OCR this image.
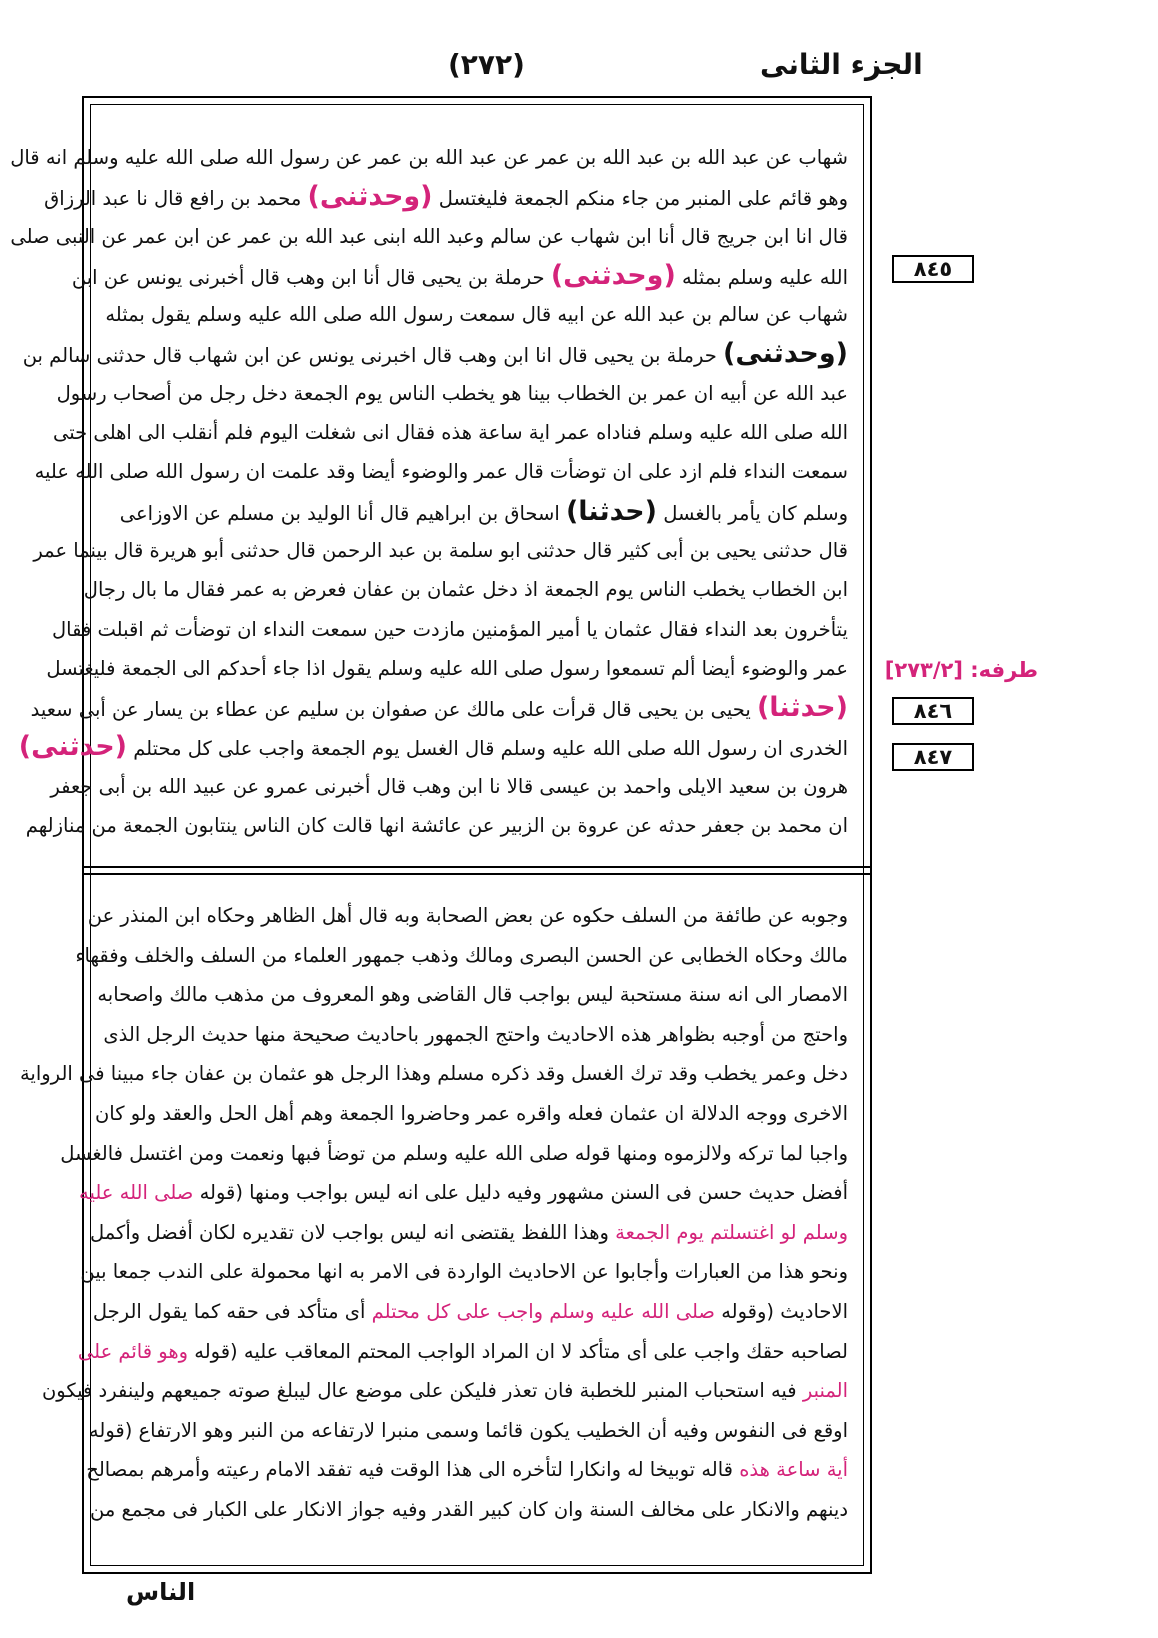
الجزء الثانى
(٢٧٢)
شهاب عن عبد الله بن عبد الله بن عمر عن عبد الله بن عمر عن رسول الله صلى الله عليه وسلم انه قال
وهو قائم على المنبر من جاء منكم الجمعة فليغتسل (وحدثنى) محمد بن رافع قال نا عبد الرزاق
قال انا ابن جريج قال أنا ابن شهاب عن سالم وعبد الله ابنى عبد الله بن عمر عن ابن عمر عن النبى صلى
الله عليه وسلم بمثله (وحدثنى) حرملة بن يحيى قال أنا ابن وهب قال أخبرنى يونس عن ابن
شهاب عن سالم بن عبد الله عن ابيه قال سمعت رسول الله صلى الله عليه وسلم يقول بمثله
(وحدثنى) حرملة بن يحيى قال انا ابن وهب قال اخبرنى يونس عن ابن شهاب قال حدثنى سالم بن
عبد الله عن أبيه ان عمر بن الخطاب بينا هو يخطب الناس يوم الجمعة دخل رجل من أصحاب رسول
الله صلى الله عليه وسلم فناداه عمر اية ساعة هذه فقال انى شغلت اليوم فلم أنقلب الى اهلى حتى
سمعت النداء فلم ازد على ان توضأت قال عمر والوضوء أيضا وقد علمت ان رسول الله صلى الله عليه
وسلم كان يأمر بالغسل (حدثنا) اسحاق بن ابراهيم قال أنا الوليد بن مسلم عن الاوزاعى
قال حدثنى يحيى بن أبى كثير قال حدثنى ابو سلمة بن عبد الرحمن قال حدثنى أبو هريرة قال بينما عمر
ابن الخطاب يخطب الناس يوم الجمعة اذ دخل عثمان بن عفان فعرض به عمر فقال ما بال رجال
يتأخرون بعد النداء فقال عثمان يا أمير المؤمنين مازدت حين سمعت النداء ان توضأت ثم اقبلت فقال
عمر والوضوء أيضا ألم تسمعوا رسول صلى الله عليه وسلم يقول اذا جاء أحدكم الى الجمعة فليغتسل
(حدثنا) يحيى بن يحيى قال قرأت على مالك عن صفوان بن سليم عن عطاء بن يسار عن أبى سعيد
الخدرى ان رسول الله صلى الله عليه وسلم قال الغسل يوم الجمعة واجب على كل محتلم (حدثنى)
هرون بن سعيد الايلى واحمد بن عيسى قالا نا ابن وهب قال أخبرنى عمرو عن عبيد الله بن أبى جعفر
ان محمد بن جعفر حدثه عن عروة بن الزبير عن عائشة انها قالت كان الناس ينتابون الجمعة من منازلهم
وجوبه عن طائفة من السلف حكوه عن بعض الصحابة وبه قال أهل الظاهر وحكاه ابن المنذر عن
مالك وحكاه الخطابى عن الحسن البصرى ومالك وذهب جمهور العلماء من السلف والخلف وفقهاء
الامصار الى انه سنة مستحبة ليس بواجب قال القاضى وهو المعروف من مذهب مالك واصحابه
واحتج من أوجبه بظواهر هذه الاحاديث واحتج الجمهور باحاديث صحيحة منها حديث الرجل الذى
دخل وعمر يخطب وقد ترك الغسل وقد ذكره مسلم وهذا الرجل هو عثمان بن عفان جاء مبينا فى الرواية
الاخرى ووجه الدلالة ان عثمان فعله واقره عمر وحاضروا الجمعة وهم أهل الحل والعقد ولو كان
واجبا لما تركه ولالزموه ومنها قوله صلى الله عليه وسلم من توضأ فبها ونعمت ومن اغتسل فالغسل
أفضل حديث حسن فى السنن مشهور وفيه دليل على انه ليس بواجب ومنها (قوله صلى الله عليه
وسلم لو اغتسلتم يوم الجمعة وهذا اللفظ يقتضى انه ليس بواجب لان تقديره لكان أفضل وأكمل
ونحو هذا من العبارات وأجابوا عن الاحاديث الواردة فى الامر به انها محمولة على الندب جمعا بين
الاحاديث (وقوله صلى الله عليه وسلم واجب على كل محتلم أى متأكد فى حقه كما يقول الرجل
لصاحبه حقك واجب على أى متأكد لا ان المراد الواجب المحتم المعاقب عليه (قوله وهو قائم على
المنبر فيه استحباب المنبر للخطبة فان تعذر فليكن على موضع عال ليبلغ صوته جميعهم ولينفرد فيكون
اوقع فى النفوس وفيه أن الخطيب يكون قائما وسمى منبرا لارتفاعه من النبر وهو الارتفاع (قوله
أية ساعة هذه قاله توبيخا له وانكارا لتأخره الى هذا الوقت فيه تفقد الامام رعيته وأمرهم بمصالح
دينهم والانكار على مخالف السنة وان كان كبير القدر وفيه جواز الانكار على الكبار فى مجمع من
٨٤٥
طرفه: [٢٧٣/٢]
٨٤٦
٨٤٧
الناس
